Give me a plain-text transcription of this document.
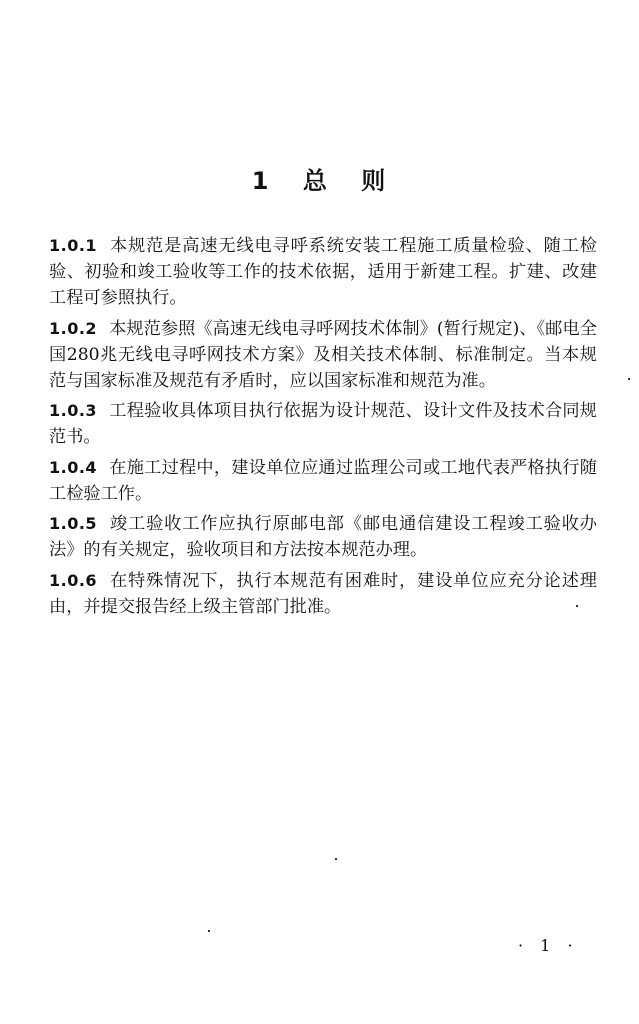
1 总 则

1.0.1 本规范是高速无线电寻呼系统安装工程施工质量检验、随工检验、初验和竣工验收等工作的技术依据，适用于新建工程。扩建、改建工程可参照执行。

1.0.2 本规范参照《高速无线电寻呼网技术体制》(暂行规定)、《邮电全国280兆无线电寻呼网技术方案》及相关技术体制、标准制定。当本规范与国家标准及规范有矛盾时，应以国家标准和规范为准。

1.0.3 工程验收具体项目执行依据为设计规范、设计文件及技术合同规范书。

1.0.4 在施工过程中，建设单位应通过监理公司或工地代表严格执行随工检验工作。

1.0.5 竣工验收工作应执行原邮电部《邮电通信建设工程竣工验收办法》的有关规定，验收项目和方法按本规范办理。

1.0.6 在特殊情况下，执行本规范有困难时，建设单位应充分论述理由，并提交报告经上级主管部门批准。

· 1 ·
